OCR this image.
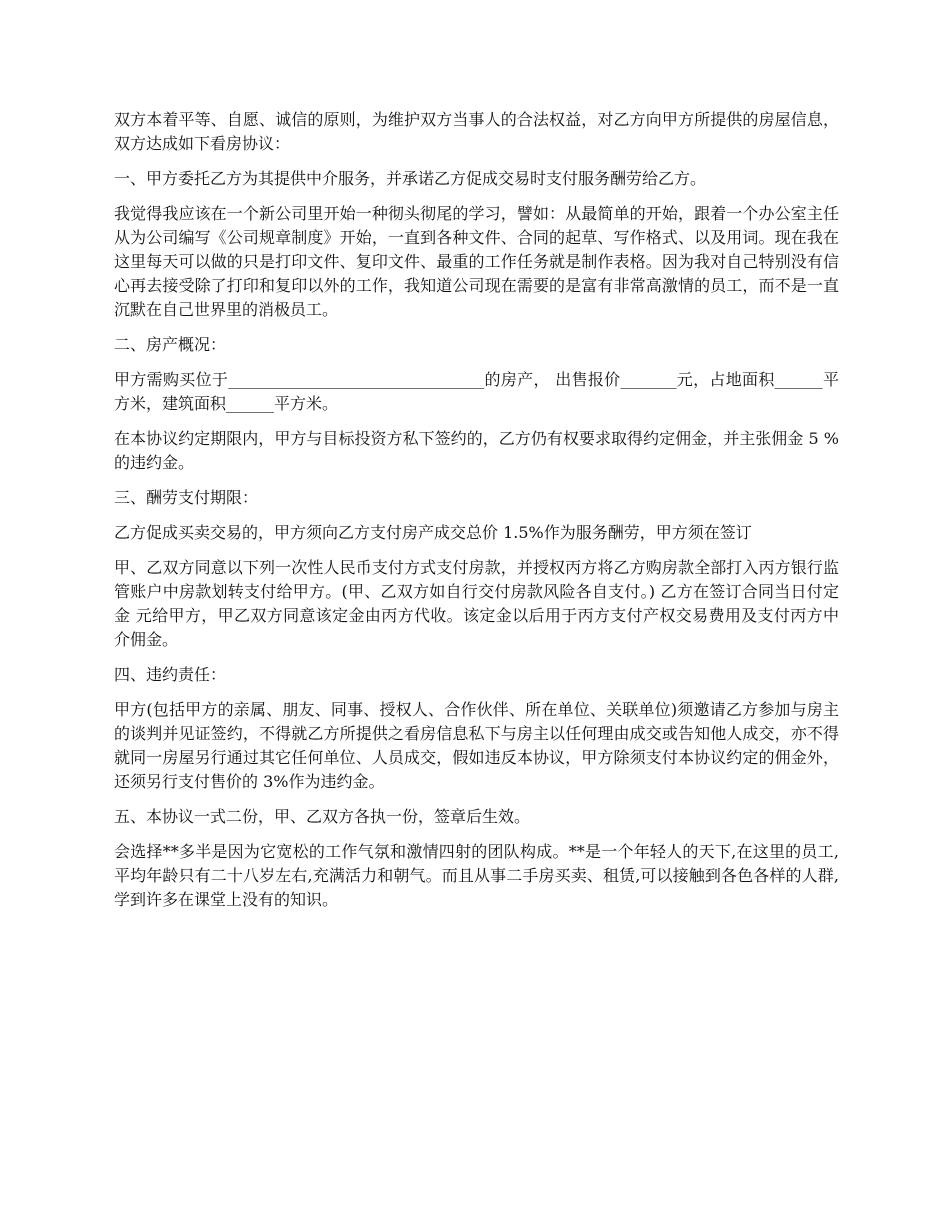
双方本着平等、自愿、诚信的原则，为维护双方当事人的合法权益，对乙方向甲方所提供的房屋信息，双方达成如下看房协议：

一、甲方委托乙方为其提供中介服务，并承诺乙方促成交易时支付服务酬劳给乙方。

我觉得我应该在一个新公司里开始一种彻头彻尾的学习，譬如：从最简单的开始，跟着一个办公室主任从为公司编写《公司规章制度》开始，一直到各种文件、合同的起草、写作格式、以及用词。现在我在这里每天可以做的只是打印文件、复印文件、最重的工作任务就是制作表格。因为我对自己特别没有信心再去接受除了打印和复印以外的工作，我知道公司现在需要的是富有非常高激情的员工，而不是一直沉默在自己世界里的消极员工。

二、房产概况：

甲方需购买位于________________________________的房产， 出售报价_______元，占地面积______平方米，建筑面积______平方米。

在本协议约定期限内，甲方与目标投资方私下签约的，乙方仍有权要求取得约定佣金，并主张佣金 5 %的违约金。

三、酬劳支付期限：

乙方促成买卖交易的，甲方须向乙方支付房产成交总价 1.5%作为服务酬劳，甲方须在签订

甲、乙双方同意以下列一次性人民币支付方式支付房款，并授权丙方将乙方购房款全部打入丙方银行监管账户中房款划转支付给甲方。(甲、乙双方如自行交付房款风险各自支付。) 乙方在签订合同当日付定金 元给甲方，甲乙双方同意该定金由丙方代收。该定金以后用于丙方支付产权交易费用及支付丙方中介佣金。

四、违约责任：

甲方(包括甲方的亲属、朋友、同事、授权人、合作伙伴、所在单位、关联单位)须邀请乙方参加与房主的谈判并见证签约，不得就乙方所提供之看房信息私下与房主以任何理由成交或告知他人成交，亦不得就同一房屋另行通过其它任何单位、人员成交，假如违反本协议，甲方除须支付本协议约定的佣金外，还须另行支付售价的 3%作为违约金。

五、本协议一式二份，甲、乙双方各执一份，签章后生效。

会选择**多半是因为它宽松的工作气氛和激情四射的团队构成。**是一个年轻人的天下,在这里的员工,平均年龄只有二十八岁左右,充满活力和朝气。而且从事二手房买卖、租赁,可以接触到各色各样的人群,学到许多在课堂上没有的知识。
